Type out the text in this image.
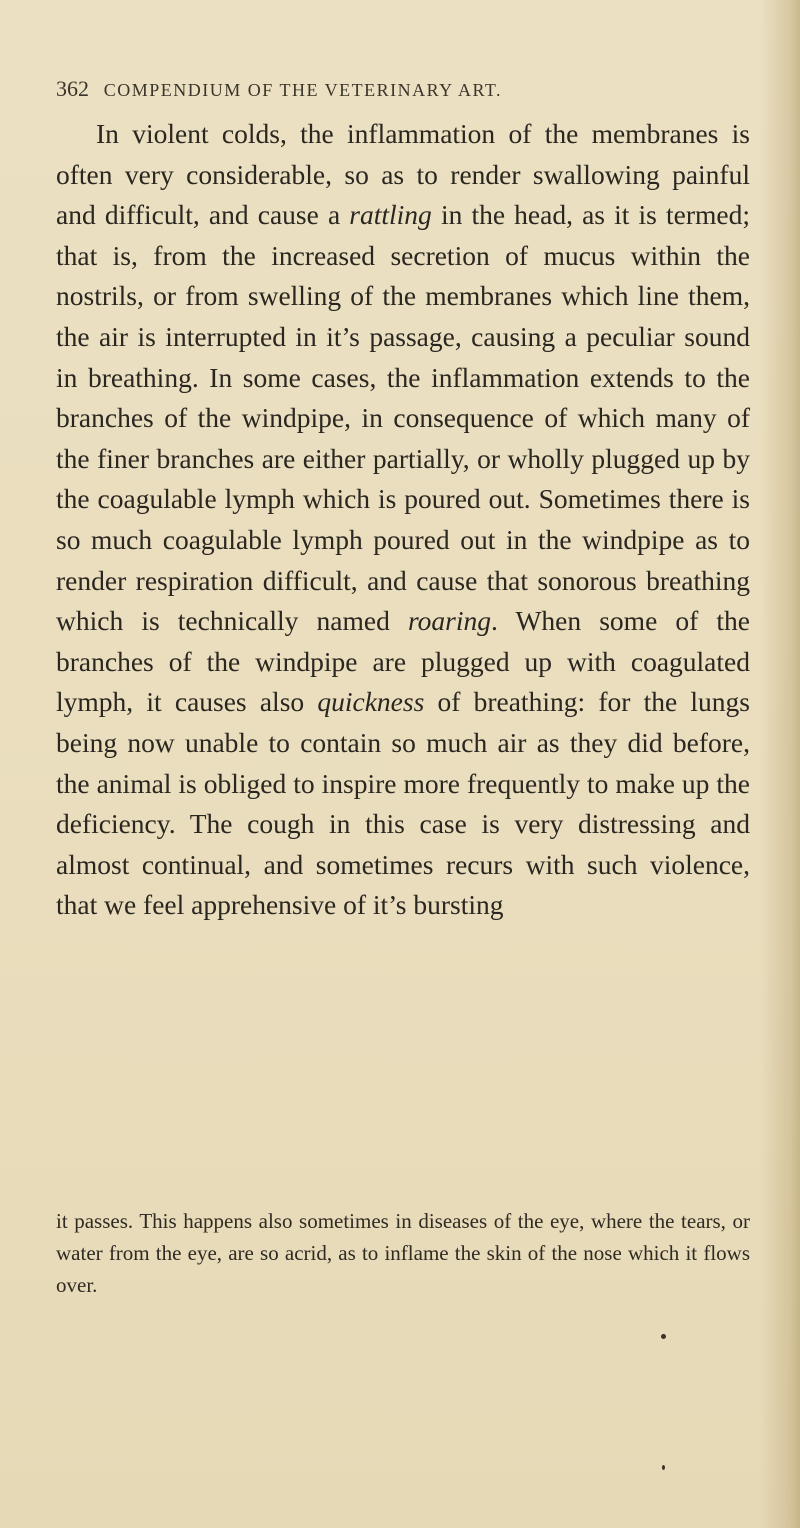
362 COMPENDIUM OF THE VETERINARY ART.

In violent colds, the inflammation of the membranes is often very considerable, so as to render swallowing painful and difficult, and cause a rattling in the head, as it is termed; that is, from the increased secretion of mucus within the nostrils, or from swelling of the membranes which line them, the air is interrupted in it’s passage, causing a peculiar sound in breathing. In some cases, the inflammation extends to the branches of the windpipe, in consequence of which many of the finer branches are either partially, or wholly plugged up by the coagulable lymph which is poured out. Sometimes there is so much coagulable lymph poured out in the windpipe as to render respiration difficult, and cause that sonorous breathing which is technically named roaring. When some of the branches of the windpipe are plugged up with coagulated lymph, it causes also quickness of breathing: for the lungs being now unable to contain so much air as they did before, the animal is obliged to inspire more frequently to make up the deficiency. The cough in this case is very distressing and almost continual, and sometimes recurs with such violence, that we feel apprehensive of it’s bursting

it passes. This happens also sometimes in diseases of the eye, where the tears, or water from the eye, are so acrid, as to inflame the skin of the nose which it flows over.
